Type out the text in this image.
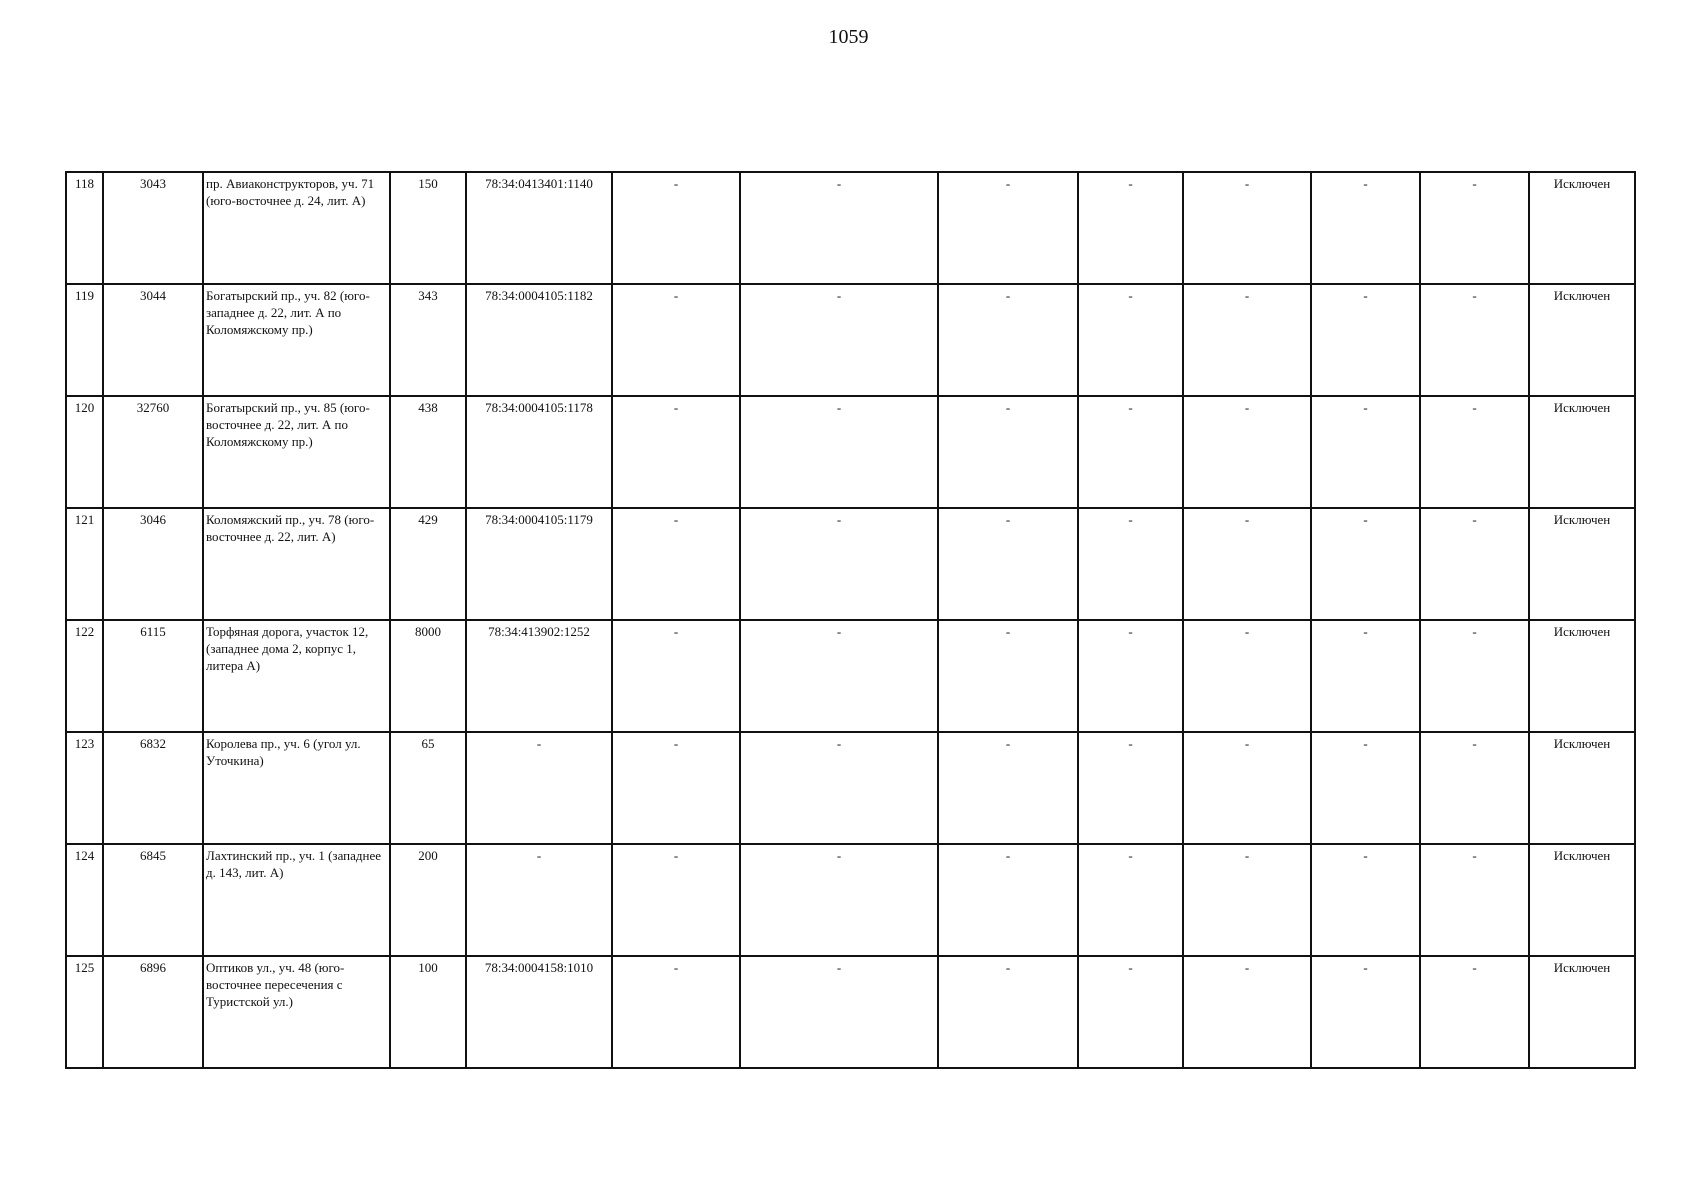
1059
118	3043	пр. Авиаконструкторов, уч. 71 (юго-восточнее д. 24, лит. А)	150	78:34:0413401:1140	-	-	-	-	-	-	-	Исключен
119	3044	Богатырский пр., уч. 82 (юго-западнее д. 22, лит. А по Коломяжскому пр.)	343	78:34:0004105:1182	-	-	-	-	-	-	-	Исключен
120	32760	Богатырский пр., уч. 85 (юго-восточнее д. 22, лит. А по Коломяжскому пр.)	438	78:34:0004105:1178	-	-	-	-	-	-	-	Исключен
121	3046	Коломяжский пр., уч. 78 (юго-восточнее д. 22, лит. А)	429	78:34:0004105:1179	-	-	-	-	-	-	-	Исключен
122	6115	Торфяная дорога, участок 12, (западнее дома 2, корпус 1, литера А)	8000	78:34:413902:1252	-	-	-	-	-	-	-	Исключен
123	6832	Королева пр., уч. 6 (угол ул. Уточкина)	65	-	-	-	-	-	-	-	-	Исключен
124	6845	Лахтинский пр., уч. 1 (западнее д. 143, лит. А)	200	-	-	-	-	-	-	-	-	Исключен
125	6896	Оптиков ул., уч. 48 (юго-восточнее пересечения с Туристской ул.)	100	78:34:0004158:1010	-	-	-	-	-	-	-	Исключен
